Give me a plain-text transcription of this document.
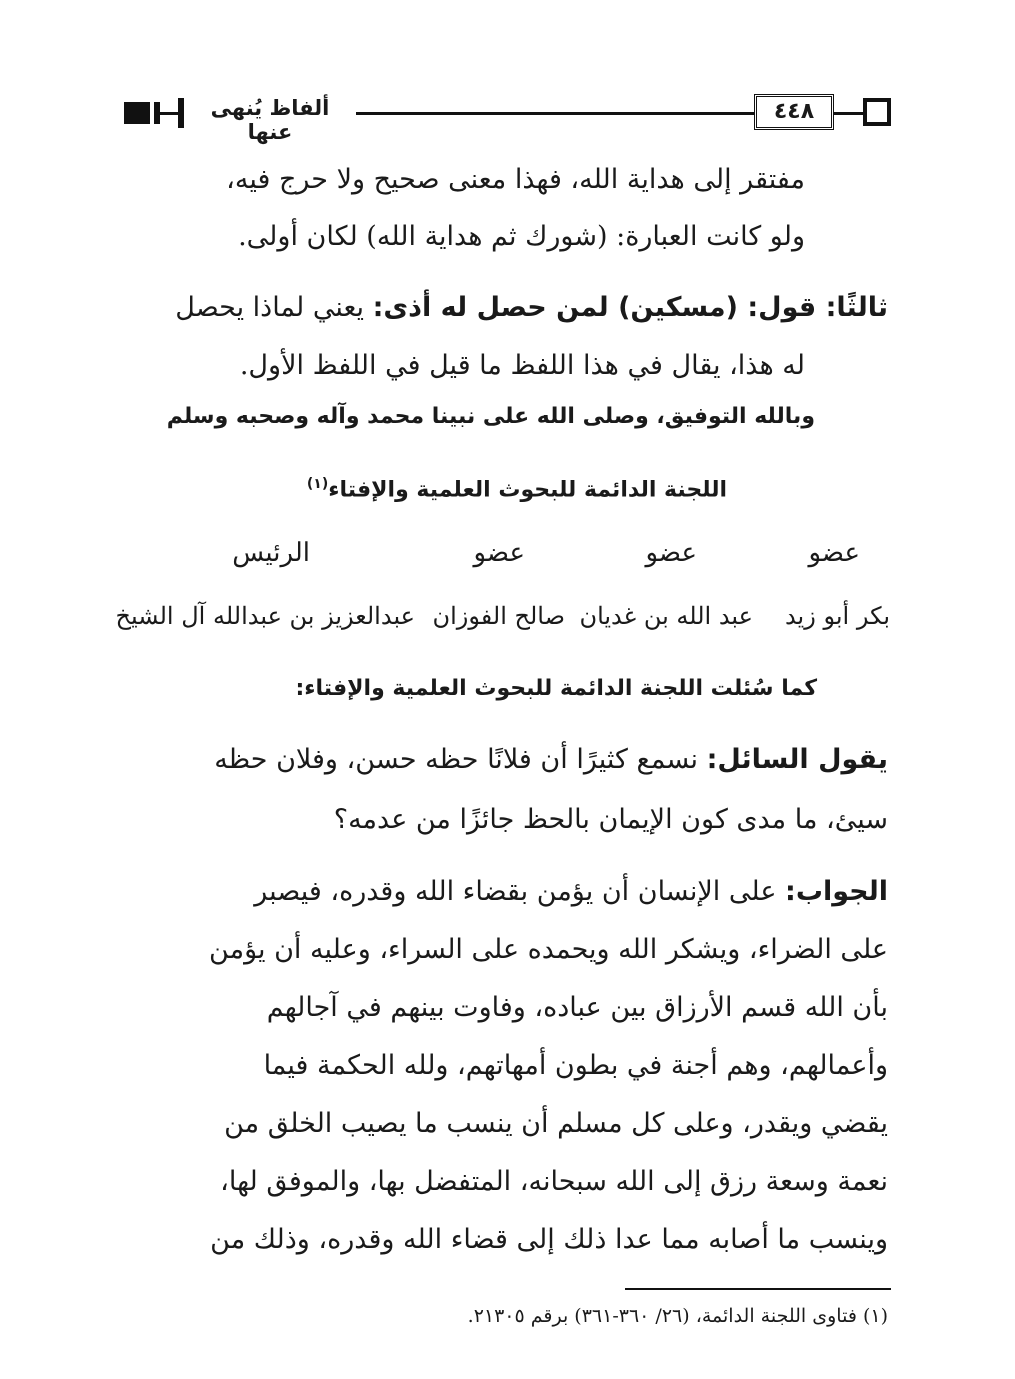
ألفاظ يُنهى عنها
٤٤٨
مفتقر إلى هداية الله، فهذا معنى صحيح ولا حرج فيه،
ولو كانت العبارة: (شورك ثم هداية الله) لكان أولى.
ثالثًا: قول: (مسكين) لمن حصل له أذى: يعني لماذا يحصل
له هذا، يقال في هذا اللفظ ما قيل في اللفظ الأول.
وبالله التوفيق، وصلى الله على نبينا محمد وآله وصحبه وسلم
اللجنة الدائمة للبحوث العلمية والإفتاء$^{(١)}$
عضو
عضو
عضو
الرئيس
بكر أبو زيد
عبد الله بن غديان
صالح الفوزان
عبدالعزيز بن عبدالله آل الشيخ
كما سُئلت اللجنة الدائمة للبحوث العلمية والإفتاء:
يقول السائل: نسمع كثيرًا أن فلانًا حظه حسن، وفلان حظه
سيئ، ما مدى كون الإيمان بالحظ جائزًا من عدمه؟
الجواب: على الإنسان أن يؤمن بقضاء الله وقدره، فيصبر
على الضراء، ويشكر الله ويحمده على السراء، وعليه أن يؤمن
بأن الله قسم الأرزاق بين عباده، وفاوت بينهم في آجالهم
وأعمالهم، وهم أجنة في بطون أمهاتهم، ولله الحكمة فيما
يقضي ويقدر، وعلى كل مسلم أن ينسب ما يصيب الخلق من
نعمة وسعة رزق إلى الله سبحانه، المتفضل بها، والموفق لها،
وينسب ما أصابه مما عدا ذلك إلى قضاء الله وقدره، وذلك من
(١) فتاوى اللجنة الدائمة، (٢٦/ ٣٦٠-٣٦١) برقم ٢١٣٠٥.
